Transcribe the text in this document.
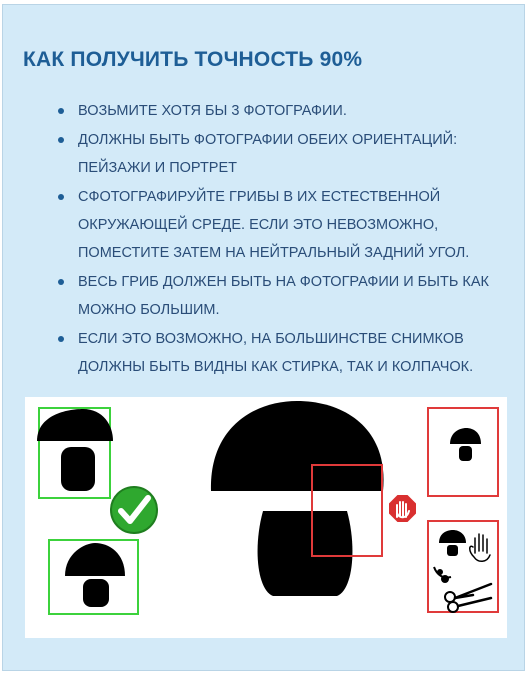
КАК ПОЛУЧИТЬ ТОЧНОСТЬ 90%
ВОЗЬМИТЕ ХОТЯ БЫ 3 ФОТОГРАФИИ.
ДОЛЖНЫ БЫТЬ ФОТОГРАФИИ ОБЕИХ ОРИЕНТАЦИЙ:
ПЕЙЗАЖИ И ПОРТРЕТ
СФОТОГРАФИРУЙТЕ ГРИБЫ В ИХ ЕСТЕСТВЕННОЙ
ОКРУЖАЮЩЕЙ СРЕДЕ. ЕСЛИ ЭТО НЕВОЗМОЖНО,
ПОМЕСТИТЕ ЗАТЕМ НА НЕЙТРАЛЬНЫЙ ЗАДНИЙ УГОЛ.
ВЕСЬ ГРИБ ДОЛЖЕН БЫТЬ НА ФОТОГРАФИИ И БЫТЬ КАК
МОЖНО БОЛЬШИМ.
ЕСЛИ ЭТО ВОЗМОЖНО, НА БОЛЬШИНСТВЕ СНИМКОВ
ДОЛЖНЫ БЫТЬ ВИДНЫ КАК СТИРКА, ТАК И КОЛПАЧОК.
